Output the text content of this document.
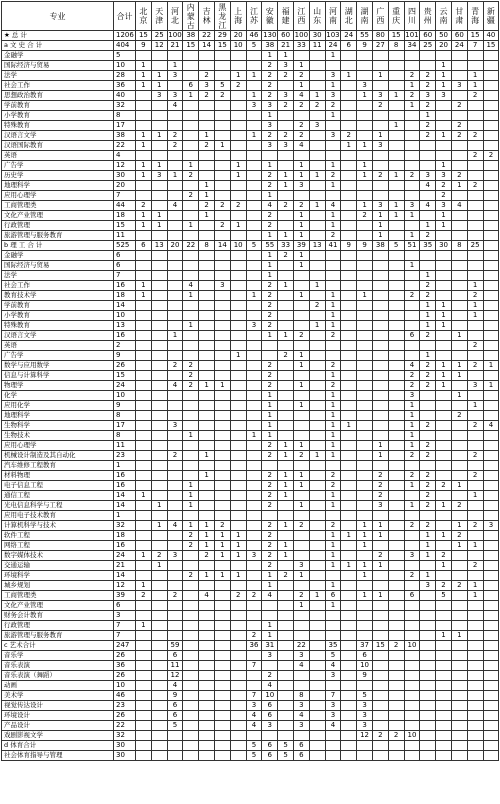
专业	合计	北京	天津	河北	内蒙古	吉林	黑龙江	上海	江苏	安徽	福建	江西	山东	河南	湖北	湖南	广西	重庆	四川	贵州	云南	甘肃	青海	新疆

★ 总 计	1206	15	25	100	38	22	29	20	46	130	60	100	30	103	24	55	80	15	101	60	50	60	15	40
a 文 史 合 计	404	9	12	21	15	14	15	10	5	38	21	33	11	24	6	9	27	8	34	25	20	24	7	15
金融学	5									1	1			1										
国际经济与贸易	10	1		1						2	3	1									1			
法学	28	1	1	3		2		1	1	2	2	2		3	1		1		2	2	1		1	
社会工作	36	1	1		6	3	5	2		2		1		1		3			1	2	1	3	1	
思想政治教育	40		3	3	1	2	2		1	2	3	4	1	3		1	3	1	2	3	3		2	
学前教育	32			4					3	3	2	2	2	2			2		1	2		2		
小学教育	8									1				1						1				
特殊教育	17									3		2	3					1		2		2		
汉语言文学	38	1	1	2		1			1	2	2	2		3	2		1			2	1	2	2	
汉语国际教育	22	1		2		2	1			3	3	4			1	1	3							
英语	4																						2	2
广告学	12	1	1		1			1		1		1		1		1					1			
历史学	30	1	3	1	2			1		2	1	1	1	2		1	2	1	2	3	3	2		
地理科学	20					1				2	1	3		1						4	2	1	2	
应用心理学	7				2	1				1											2			
工商管理类	44	2		4		2	2	2		4	2	2	1	4		1	3	1	3	4	3	4		
文化产业管理	18	1	1			1				2		1		1		2	1	1	1		1			
行政管理	15	1	1		1		2	1		2		1		1			1			1	1			
旅游管理与服务教育	11									1	1	1		2			1		1	2				
b 理 工 合 计	525	6	13	20	22	8	14	10	5	55	33	39	13	41	9	9	38	5	51	35	30	8	25	
金融学	6									1	2	1												
国际经济与贸易	6									1		1							1					
法学	7									1										1				
社会工作	16	1			4		3			2	1		1							2			1	
教育技术学	18	1			1				1	2		1		1		1			2	2			2	
学前教育	14									2			2	1						1	1		1	
小学教育	10									2				1						1	1		1	
特殊教育	13				1				3	2			1	1						1	1			
汉语言文学	16			1						1	1	2		2					6	2		1		
英语	2																						2	
广告学	9							1			2	1								1				
数学与应用数学	26			2	2					2		1		2					4	2	1	1	2	1
信息与计算科学	15				2					2				1					2	2	1	1		
物理学	24			4	2	1	1			2		1		2					2	2	1		3	1
化学	10									1				1					3			1		
应用化学	9									1		1		1					1				1	
地理科学	8									1				1					1			2		
生物科学	17			3						1				1	1				1	2			2	4
生物技术	8				1				1	1				1					1					
应用心理学	11									2	1	1		1			1		1	2				
机械设计制造及其自动化	23			2		1				2	1	2	1	1			1		2	2			2	
汽车维修工程教育	1																							
材料物理	16					1				2	1	1		2			2		2	2			2	
电子信息工程	16				1					2	1	1		2			2		1	2	2	1		
通信工程	14	1			1					2	1			1			2			2			1	
光电信息科学与工程	14		1		1					2		1		1			3		1	2	1	2		
应用电子技术教育	1																							
计算机科学与技术	32		1	4	1	1	2			2	1	2		2		1	1		2	2		1	2	3
软件工程	18				2	1	1	1		2				1	1	1	1			1	1	2		
网络工程	16				2	1	1	1		2	1			1		1				1		1	1	
数字媒体技术	24	1	2	3		2	1	1	3	2	1			1			2		3	1	2			
交通运输	21		1							2		3		1	1	1	1				1		2	
环境科学	14				2	1	1	1		1	2	1				1			2	1				
城乡规划	12	1								1				1						3	2	2	1	
工商管理类	39	2		2		4		2	2	4		2	1	6		1	1		6		5		1	
文化产业管理	6											1		1										
财务会计教育	3																							
行政管理	7	1								1														
旅游管理与服务教育	7								2	1											1	1		
c 艺术合计	247			59					36	31		22		35		37	15	2	10					
音乐学	26			6						3		3		5		6								
音乐表演	36			11					7			4		4		10								
音乐表演（舞蹈）	26			12						2				3		9								
动画	10			4						4														
美术学	46			9					7	10		8		7		5								
视觉传达设计	23			6					3	6		3		3		3								
环境设计	26			6					4	6		4		3		3								
产品设计	22			5					4	3		3		4		3								
戏剧影视文学	32															12	2	2	10					
d 体育合计	30								5	6	5	6												
社会体育指导与管理	30								5	6	5	6												
